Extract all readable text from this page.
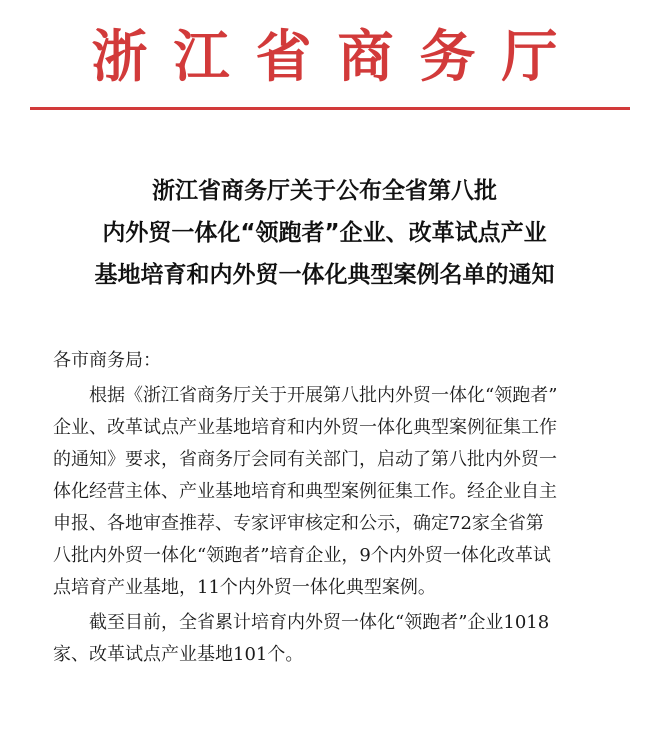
浙江省商务厅
浙江省商务厅关于公布全省第八批
内外贸一体化“领跑者”企业、改革试点产业
基地培育和内外贸一体化典型案例名单的通知

各市商务局：

根据《浙江省商务厅关于开展第八批内外贸一体化“领跑者”

企业、改革试点产业基地培育和内外贸一体化典型案例征集工作

的通知》要求，省商务厅会同有关部门，启动了第八批内外贸一

体化经营主体、产业基地培育和典型案例征集工作。经企业自主

申报、各地审查推荐、专家评审核定和公示，确定72家全省第

八批内外贸一体化“领跑者”培育企业，9个内外贸一体化改革试

点培育产业基地，11个内外贸一体化典型案例。

截至目前，全省累计培育内外贸一体化“领跑者”企业1018

家、改革试点产业基地101个。
